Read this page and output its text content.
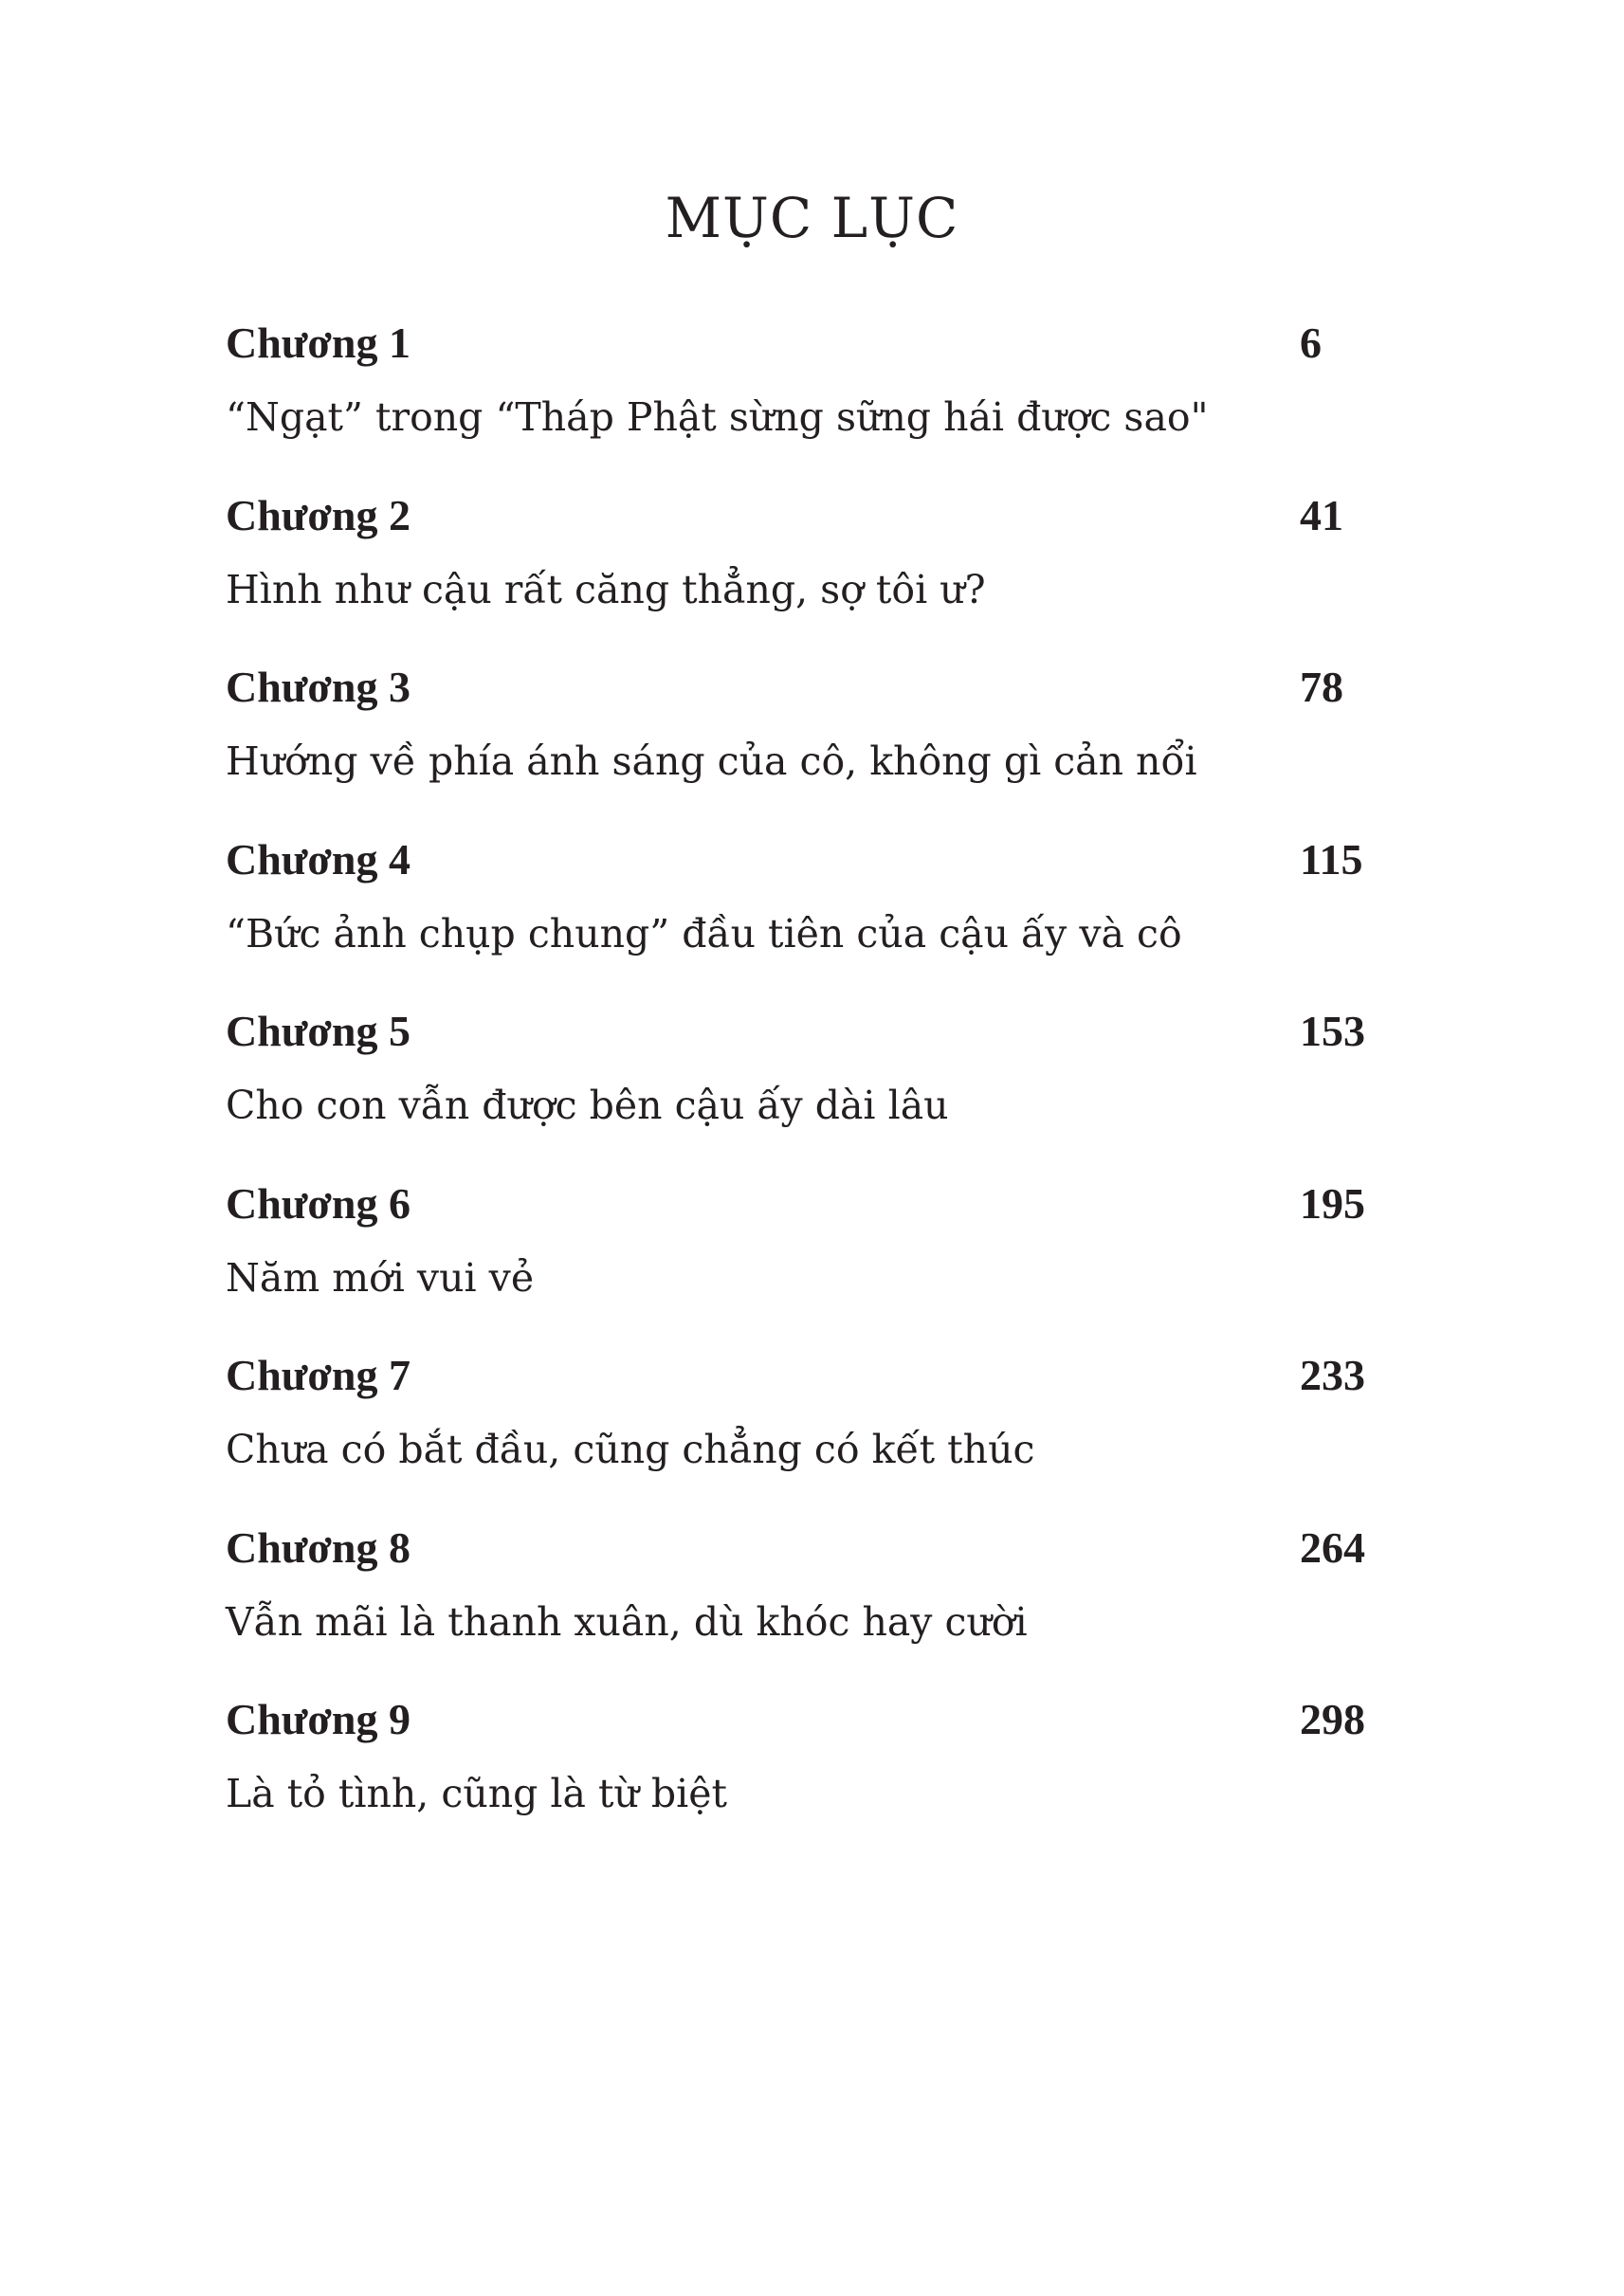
MỤC LỤC
Chương 1	6
“Ngạt” trong “Tháp Phật sừng sững hái được sao"
Chương 2	41
Hình như cậu rất căng thẳng, sợ tôi ư?
Chương 3	78
Hướng về phía ánh sáng của cô, không gì cản nổi
Chương 4	115
“Bức ảnh chụp chung” đầu tiên của cậu ấy và cô
Chương 5	153
Cho con vẫn được bên cậu ấy dài lâu
Chương 6	195
Năm mới vui vẻ
Chương 7	233
Chưa có bắt đầu, cũng chẳng có kết thúc
Chương 8	264
Vẫn mãi là thanh xuân, dù khóc hay cười
Chương 9	298
Là tỏ tình, cũng là từ biệt
